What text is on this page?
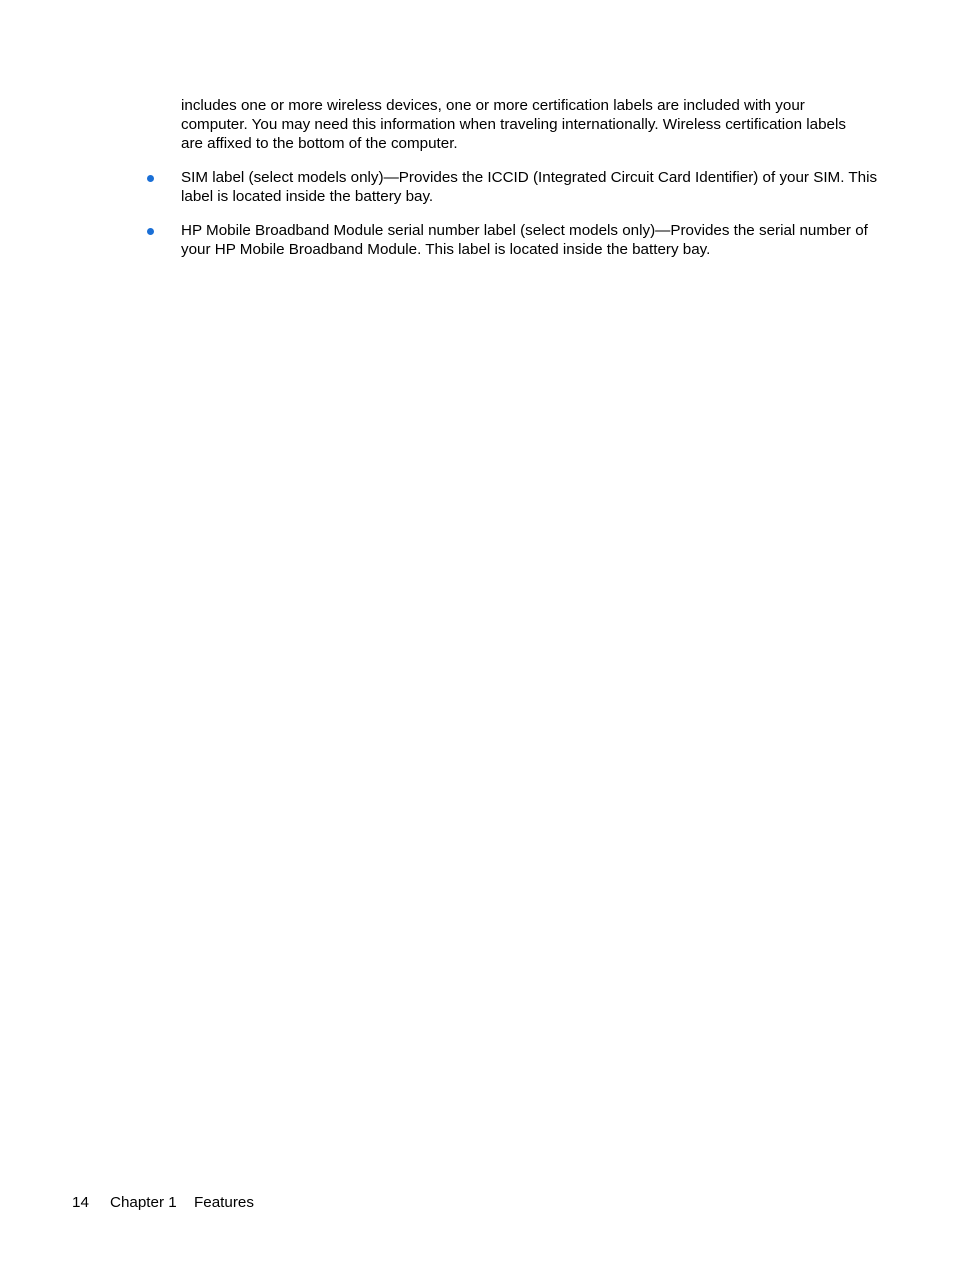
includes one or more wireless devices, one or more certification labels are included with your computer. You may need this information when traveling internationally. Wireless certification labels are affixed to the bottom of the computer.

SIM label (select models only)—Provides the ICCID (Integrated Circuit Card Identifier) of your SIM. This label is located inside the battery bay.

HP Mobile Broadband Module serial number label (select models only)—Provides the serial number of your HP Mobile Broadband Module. This label is located inside the battery bay.

14 Chapter 1 Features
